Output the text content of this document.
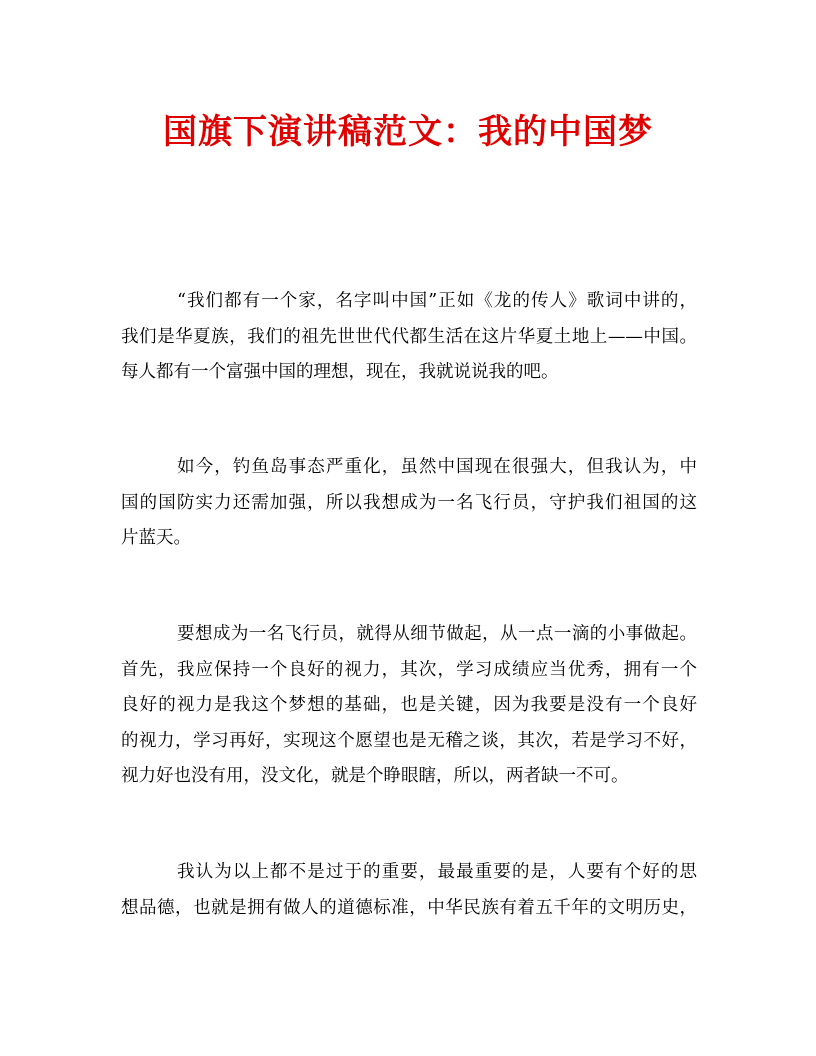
国旗下演讲稿范文：我的中国梦
“我们都有一个家，名字叫中国”正如《龙的传人》歌词中讲的，
我们是华夏族，我们的祖先世世代代都生活在这片华夏土地上——中国。
每人都有一个富强中国的理想，现在，我就说说我的吧。
如今，钓鱼岛事态严重化，虽然中国现在很强大，但我认为，中
国的国防实力还需加强，所以我想成为一名飞行员，守护我们祖国的这
片蓝天。
要想成为一名飞行员，就得从细节做起，从一点一滴的小事做起。
首先，我应保持一个良好的视力，其次，学习成绩应当优秀，拥有一个
良好的视力是我这个梦想的基础，也是关键，因为我要是没有一个良好
的视力，学习再好，实现这个愿望也是无稽之谈，其次，若是学习不好，
视力好也没有用，没文化，就是个睁眼瞎，所以，两者缺一不可。
我认为以上都不是过于的重要，最最重要的是，人要有个好的思
想品德，也就是拥有做人的道德标准，中华民族有着五千年的文明历史，
